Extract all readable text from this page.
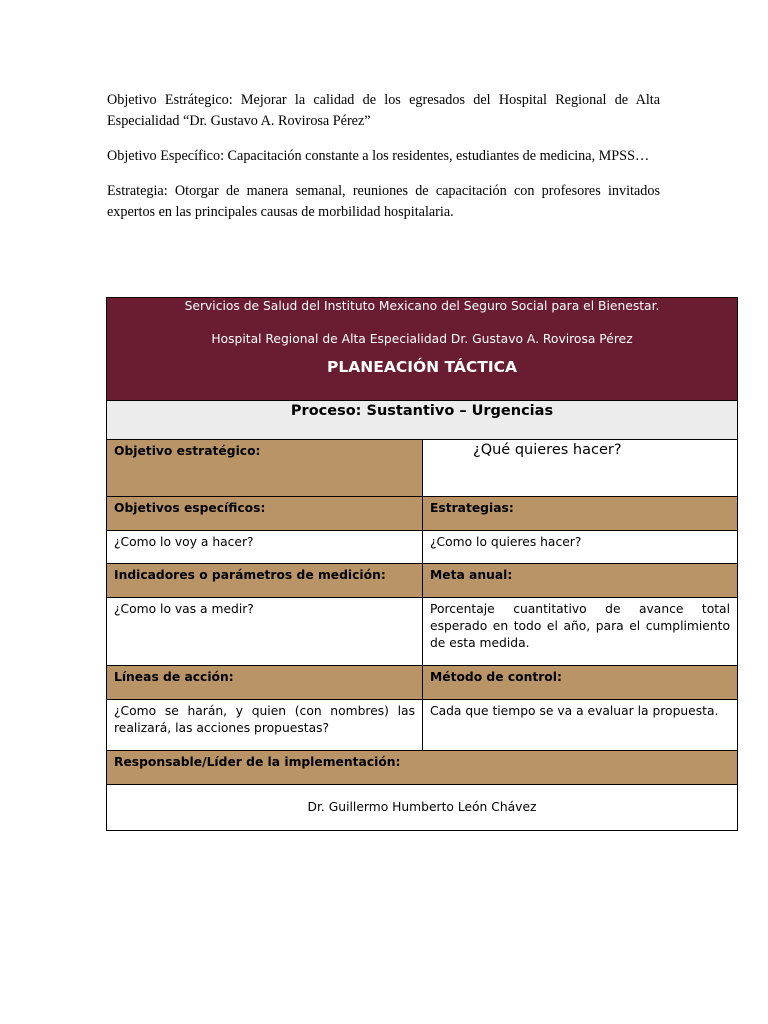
Objetivo Estrátegico: Mejorar la calidad de los egresados del Hospital Regional de Alta Especialidad “Dr. Gustavo A. Rovirosa Pérez”

Objetivo Específico: Capacitación constante a los residentes, estudiantes de medicina, MPSS…

Estrategia: Otorgar de manera semanal, reuniones de capacitación con profesores invitados expertos en las principales causas de morbilidad hospitalaria.

Servicios de Salud del Instituto Mexicano del Seguro Social para el Bienestar.
Hospital Regional de Alta Especialidad Dr. Gustavo A. Rovirosa Pérez
PLANEACIÓN TÁCTICA	

Proceso: Sustantivo – Urgencias	
Objetivo estratégico:	¿Qué quieres hacer?
Objetivos específicos:	Estrategias:
¿Como lo voy a hacer?	¿Como lo quieres hacer?
Indicadores o parámetros de medición:	Meta anual:
¿Como lo vas a medir?	Porcentaje cuantitativo de avance total esperado en todo el año, para el cumplimiento de esta medida.
Líneas de acción:	Método de control:
¿Como se harán, y quien (con nombres) las realizará, las acciones propuestas?	Cada que tiempo se va a evaluar la propuesta.
Responsable/Líder de la implementación:	
Dr. Guillermo Humberto León Chávez	
